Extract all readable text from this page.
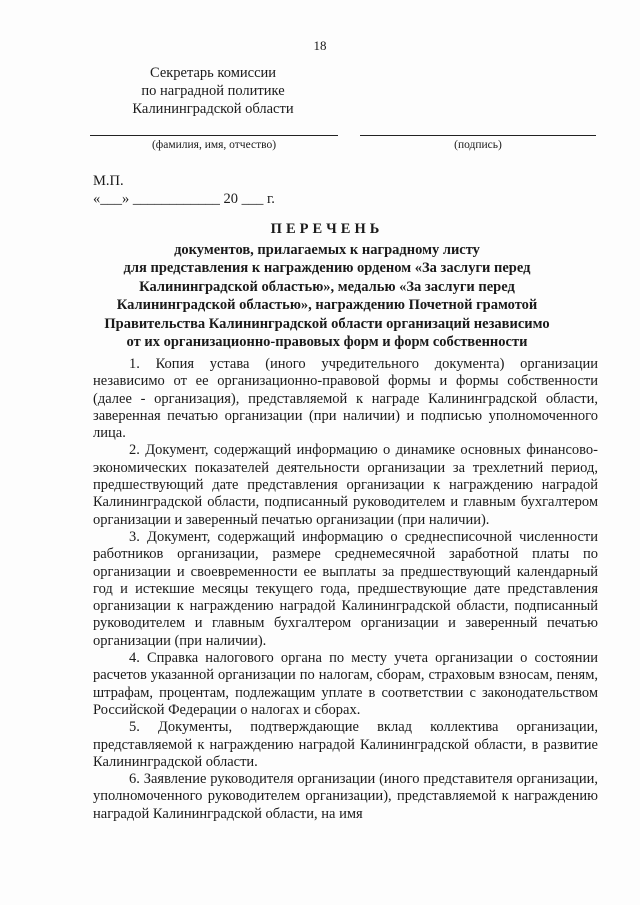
18
Секретарь комиссии
по наградной политике
Калининградской области
(фамилия, имя, отчество)	(подпись)
М.П.
«___» ____________ 20 ___ г.
ПЕРЕЧЕНЬ
документов, прилагаемых к наградному листу
для представления к награждению орденом «За заслуги перед
Калининградской областью», медалью «За заслуги перед
Калининградской областью», награждению Почетной грамотой
Правительства Калининградской области организаций независимо
от их организационно-правовых форм и форм собственности

1. Копия устава (иного учредительного документа) организации независимо от ее организационно-правовой формы и формы собственности (далее - организация), представляемой к награде Калининградской области, заверенная печатью организации (при наличии) и подписью уполномоченного лица.

2. Документ, содержащий информацию о динамике основных финансово-экономических показателей деятельности организации за трехлетний период, предшествующий дате представления организации к награждению наградой Калининградской области, подписанный руководителем и главным бухгалтером организации и заверенный печатью организации (при наличии).

3. Документ, содержащий информацию о среднесписочной численности работников организации, размере среднемесячной заработной платы по организации и своевременности ее выплаты за предшествующий календарный год и истекшие месяцы текущего года, предшествующие дате представления организации к награждению наградой Калининградской области, подписанный руководителем и главным бухгалтером организации и заверенный печатью организации (при наличии).

4. Справка налогового органа по месту учета организации о состоянии расчетов указанной организации по налогам, сборам, страховым взносам, пеням, штрафам, процентам, подлежащим уплате в соответствии с законодательством Российской Федерации о налогах и сборах.

5. Документы, подтверждающие вклад коллектива организации, представляемой к награждению наградой Калининградской области, в развитие Калининградской области.

6. Заявление руководителя организации (иного представителя организации, уполномоченного руководителем организации), представляемой к награждению наградой Калининградской области, на имя
